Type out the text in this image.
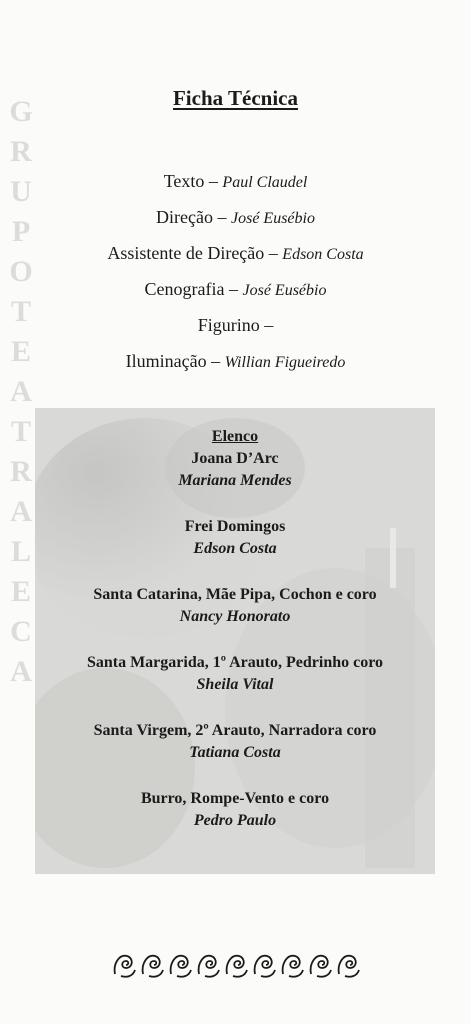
G
R
U
P
O
T
E
A
T
R
A
L
E
C
A
Ficha Técnica
Texto – Paul Claudel
Direção – José Eusébio
Assistente de Direção – Edson Costa
Cenografia – José Eusébio
Figurino –
Iluminação – Willian Figueiredo
Elenco
Joana D’Arc
Mariana Mendes
Frei Domingos
Edson Costa
Santa Catarina, Mãe Pipa, Cochon e coro
Nancy Honorato
Santa Margarida, 1º Arauto, Pedrinho coro
Sheila Vital
Santa Virgem, 2º Arauto, Narradora coro
Tatiana Costa
Burro, Rompe-Vento e coro
Pedro Paulo
